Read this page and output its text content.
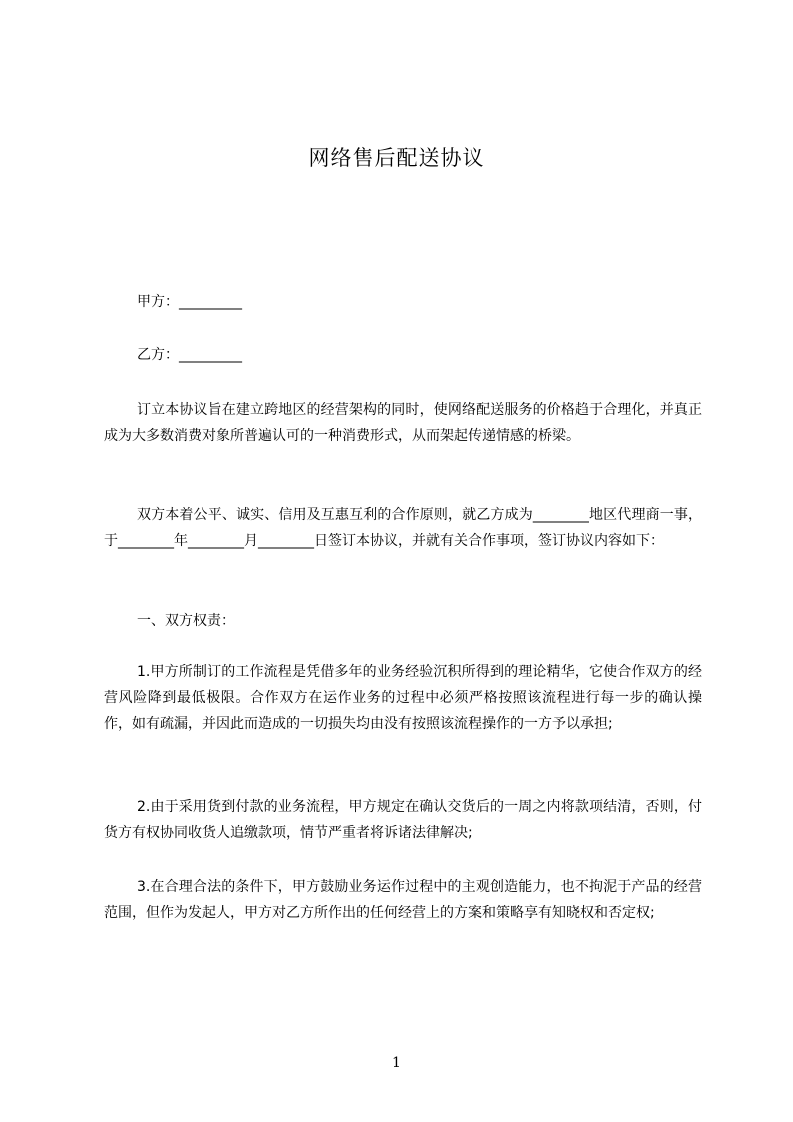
网络售后配送协议
甲方：_________
乙方：_________
订立本协议旨在建立跨地区的经营架构的同时，使网络配送服务的价格趋于合理化，并真正成为大多数消费对象所普遍认可的一种消费形式，从而架起传递情感的桥梁。
双方本着公平、诚实、信用及互惠互利的合作原则，就乙方成为________地区代理商一事，于________年________月________日签订本协议，并就有关合作事项，签订协议内容如下：
一、双方权责：
1.甲方所制订的工作流程是凭借多年的业务经验沉积所得到的理论精华，它使合作双方的经营风险降到最低极限。合作双方在运作业务的过程中必须严格按照该流程进行每一步的确认操作，如有疏漏，并因此而造成的一切损失均由没有按照该流程操作的一方予以承担;
2.由于采用货到付款的业务流程，甲方规定在确认交货后的一周之内将款项结清，否则，付货方有权协同收货人追缴款项，情节严重者将诉诸法律解决;
3.在合理合法的条件下，甲方鼓励业务运作过程中的主观创造能力，也不拘泥于产品的经营范围，但作为发起人，甲方对乙方所作出的任何经营上的方案和策略享有知晓权和否定权;
1
